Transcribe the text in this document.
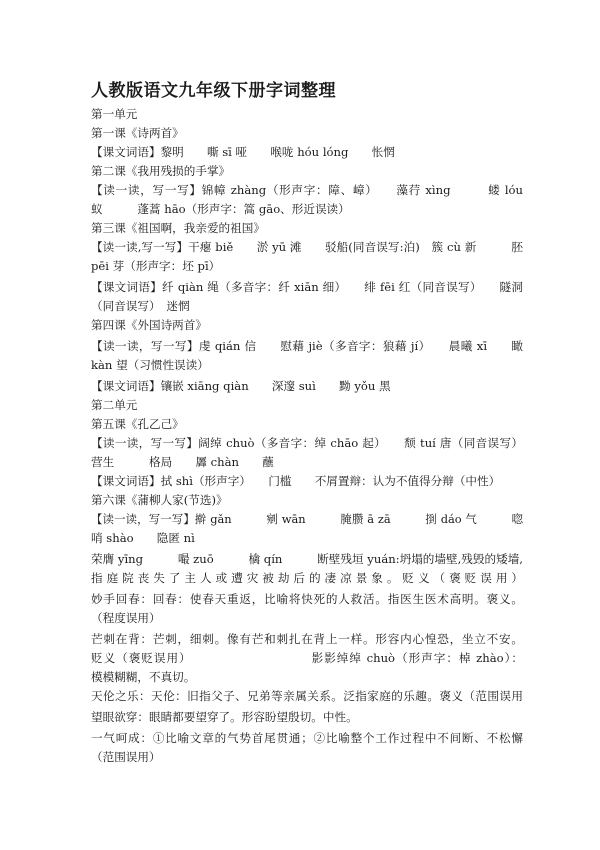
人教版语文九年级下册字词整理
第一单元
第一课《诗两首》
【课文词语】黎明　　嘶 sī 哑　　喉咙 hóu lóng　　怅惘
第二课《我用残损的手掌》
【读一读，写一写】锦幛 zhàng（形声字：障、嶂）　　藻荇 xìng　　　蝼 lóu
蚁　　　蓬蒿 hāo（形声字：篙 gāo、形近误读）
第三课《祖国啊，我亲爱的祖国》
【读一读,写一写】干瘪 biě　　淤 yū 滩　　驳船(同音误写:泊)　簇 cù 新　　　胚
pēi 芽（形声字：坯 pī）
【课文词语】纤 qiàn 绳（多音字：纤 xiān 细）　　绯 fēi 红（同音误写）　　隧洞
（同音误写）　迷惘
第四课《外国诗两首》
【读一读，写一写】虔 qián 信　　慰藉 jiè（多音字：狼藉 jí）　　晨曦 xī　　瞰
kàn 望（习惯性误读）
【课文词语】镶嵌 xiāng qiàn　　深邃 suì　　黝 yǒu 黑
第二单元
第五课《孔乙己》
【读一读，写一写】阔绰 chuò（多音字：绰 chāo 起）　　颓 tuí 唐（同音误写）
营生　　　格局　　羼 chàn　　蘸
【课文词语】拭 shì（形声字）　　门槛　　不屑置辩：认为不值得分辩（中性）
第六课《蒲柳人家(节选)》
【读一读，写一写】擀 gǎn　　　剜 wān　　　腌臜 ā zā　　　捯 dáo 气　　　唿
哨 shào　　隐匿 nì
荣膺 yīng　　　嘬 zuō　　　檎 qín　　　断壁残垣 yuán:坍塌的墙壁,残毁的矮墙,
指庭院丧失了主人或遭灾被劫后的凄凉景象。贬义（褒贬误用）
妙手回春：回春：使春天重返，比喻将快死的人救活。指医生医术高明。褒义。
（程度误用）
芒刺在背：芒刺，细刺。像有芒和刺扎在背上一样。形容内心惶恐，坐立不安。
贬义（褒贬误用）　　　　　　　　　　影影绰绰 chuò（形声字：棹 zhào）：
模模糊糊，不真切。
天伦之乐：天伦：旧指父子、兄弟等亲属关系。泛指家庭的乐趣。褒义（范围误用
望眼欲穿：眼睛都要望穿了。形容盼望殷切。中性。
一气呵成：①比喻文章的气势首尾贯通；②比喻整个工作过程中不间断、不松懈
（范围误用）
